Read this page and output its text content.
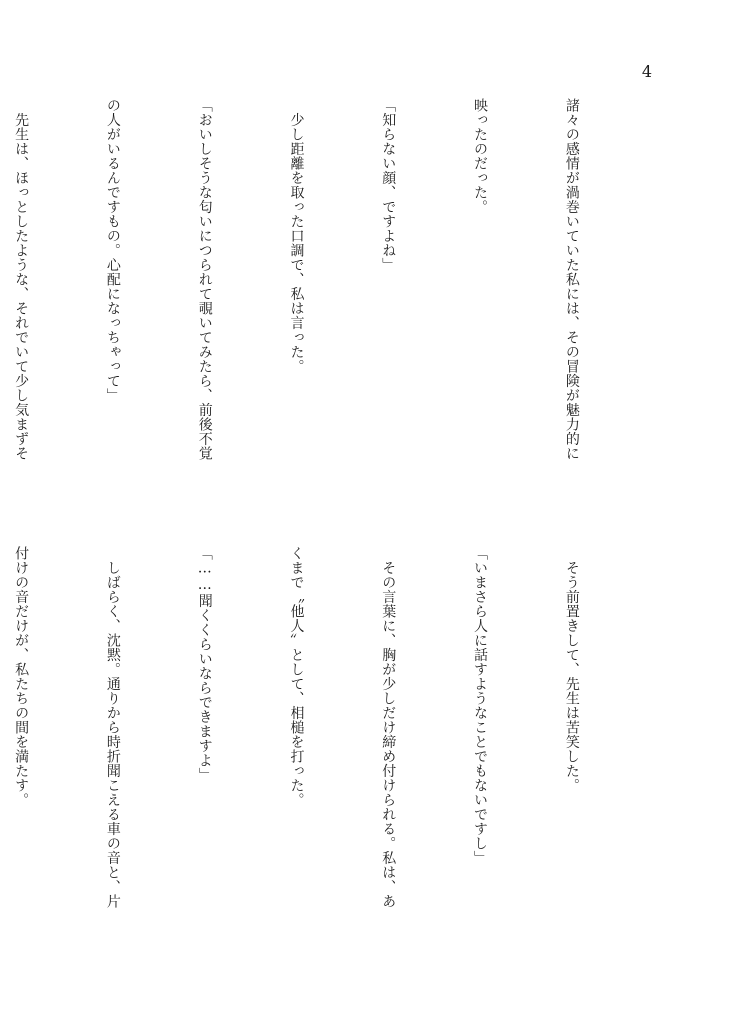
4

諸々の感情が渦巻いていた私には、その冒険が魅力的に

映ったのだった。

「知らない顔、ですよね」

　少し距離を取った口調で、私は言った。

「おいしそうな匂いにつられて覗いてみたら、前後不覚

の人がいるんですもの。心配になっちゃって」

　先生は、ほっとしたような、それでいて少し気まずそ

　そう前置きして、先生は苦笑した。

「いまさら人に話すようなことでもないですし」

　その言葉に、胸が少しだけ締め付けられる。私は、あ

くまで〝他人〟として、相槌を打った。

「……聞くくらいならできますよ」

　しばらく、沈黙。通りから時折聞こえる車の音と、片

付けの音だけが、私たちの間を満たす。
